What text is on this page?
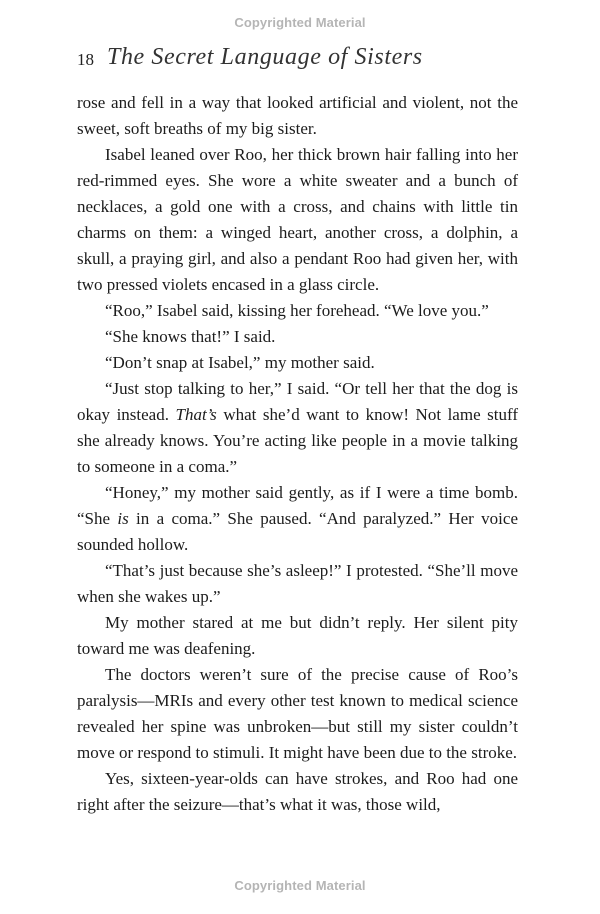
Copyrighted Material
18 The Secret Language of Sisters

rose and fell in a way that looked artificial and violent, not the sweet, soft breaths of my big sister.

Isabel leaned over Roo, her thick brown hair falling into her red-rimmed eyes. She wore a white sweater and a bunch of necklaces, a gold one with a cross, and chains with little tin charms on them: a winged heart, another cross, a dolphin, a skull, a praying girl, and also a pendant Roo had given her, with two pressed violets encased in a glass circle.

“Roo,” Isabel said, kissing her forehead. “We love you.”

“She knows that!” I said.

“Don’t snap at Isabel,” my mother said.

“Just stop talking to her,” I said. “Or tell her that the dog is okay instead. That’s what she’d want to know! Not lame stuff she already knows. You’re acting like people in a movie talking to someone in a coma.”

“Honey,” my mother said gently, as if I were a time bomb. “She is in a coma.” She paused. “And paralyzed.” Her voice sounded hollow.

“That’s just because she’s asleep!” I protested. “She’ll move when she wakes up.”

My mother stared at me but didn’t reply. Her silent pity toward me was deafening.

The doctors weren’t sure of the precise cause of Roo’s paralysis—MRIs and every other test known to medical science revealed her spine was unbroken—but still my sister couldn’t move or respond to stimuli. It might have been due to the stroke.

Yes, sixteen-year-olds can have strokes, and Roo had one right after the seizure—that’s what it was, those wild,

Copyrighted Material
